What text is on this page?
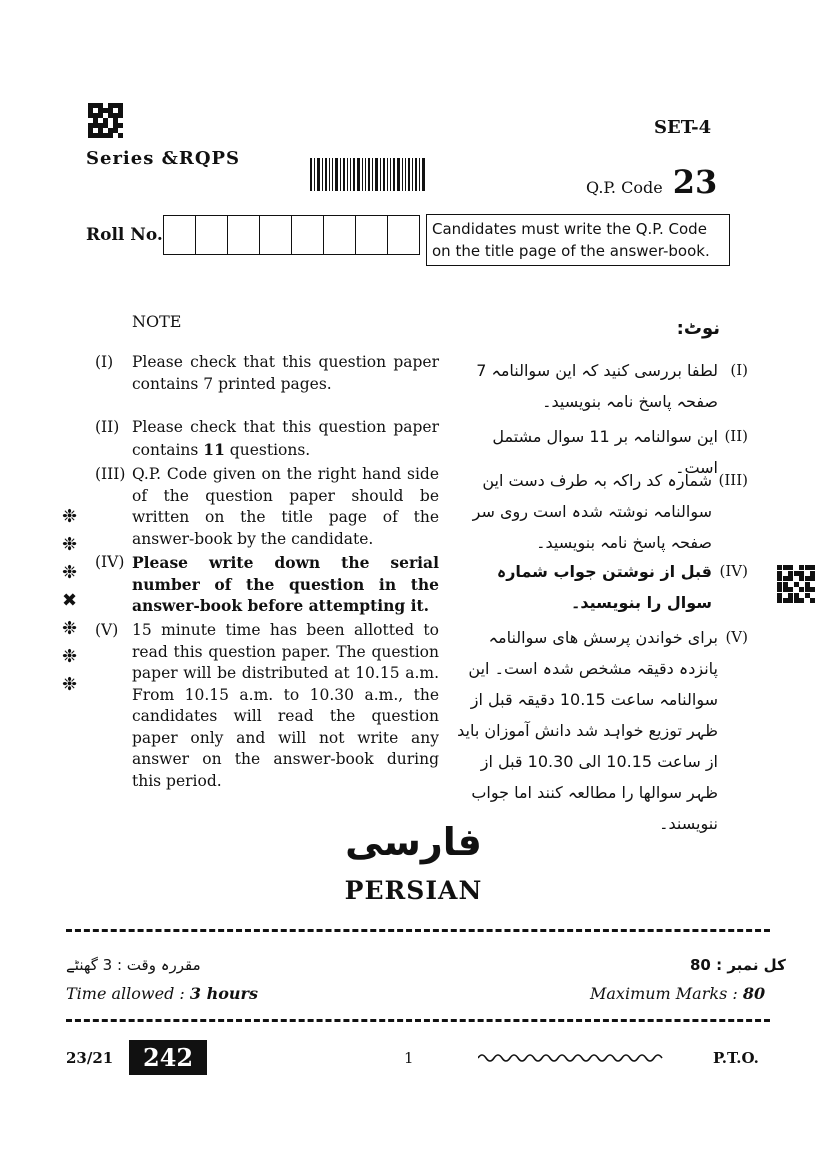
SET-4
Series &RQPS
Q.P. Code 23
Roll No.	Candidates must write the Q.P. Code on the title page of the answer-book.
NOTE	نوٹ:
(I) Please check that this question paper contains 7 printed pages.
(II) Please check that this question paper contains 11 questions.
(III) Q.P. Code given on the right hand side of the question paper should be written on the title page of the answer-book by the candidate.
(IV) Please write down the serial number of the question in the answer-book before attempting it.
(V) 15 minute time has been allotted to read this question paper. The question paper will be distributed at 10.15 a.m. From 10.15 a.m. to 10.30 a.m., the candidates will read the question paper only and will not write any answer on the answer-book during this period.
(I)
لطفا بررسی کنید کہ این سوالنامہ 7 صفحہ پاسخ نامہ بنویسید۔
(II)
این سوالنامہ بر 11 سوال مشتمل است۔
(III)
شمارہ کد راکہ بہ طرف دست این سوالنامہ نوشتہ شدہ است روی سر صفحہ پاسخ نامہ بنویسید۔
(IV)
قبل از نوشتن جواب شمارہ سوال را بنویسید۔
(V)
برای خواندن پرسش ھای سوالنامہ پانزدہ دقیقہ مشخص شدہ است۔ این سوالنامہ ساعت 10.15 دقیقہ قبل از ظہر توزیع خواہد شد دانش آموزان باید از ساعت 10.15 الی 10.30 قبل از ظہر سوالھا را مطالعہ کنند اما جواب ننویسند۔
❉
❉
❉
✖
❉
❉
❉
فارسی
PERSIAN
مقررہ وقت : 3 گھنٹے	کل نمبر : 80
Time allowed : 3 hours	Maximum Marks : 80
23/21	242	1	P.T.O.
